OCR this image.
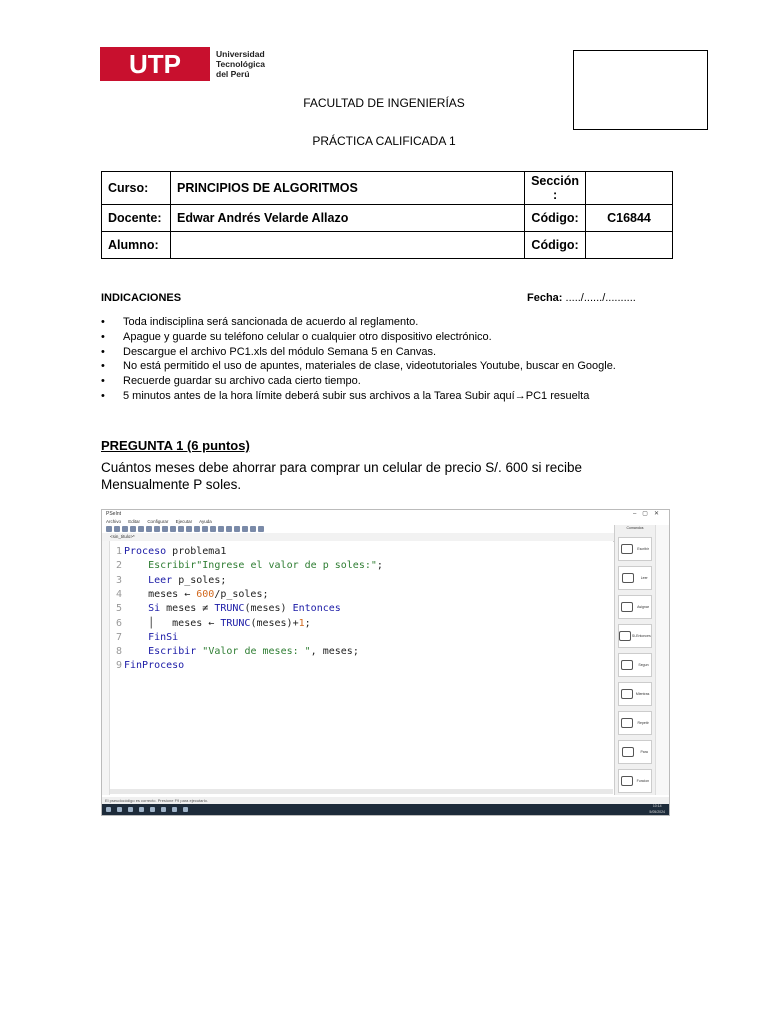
UTP	Universidad
Tecnológica
del Perú
FACULTAD DE INGENIERÍAS
PRÁCTICA CALIFICADA 1
Curso:	PRINCIPIOS DE ALGORITMOS	Sección :	
Docente:	Edwar Andrés Velarde Allazo	Código:	C16844
Alumno:		Código:	
INDICACIONES	Fecha: ...../....../..........
• Toda indisciplina será sancionada de acuerdo al reglamento.
• Apague y guarde su teléfono celular o cualquier otro dispositivo electrónico.
• Descargue el archivo PC1.xls del módulo Semana 5 en Canvas.
• No está permitido el uso de apuntes, materiales de clase, videotutoriales Youtube, buscar en Google.
• Recuerde guardar su archivo cada cierto tiempo.
• 5 minutos antes de la hora límite deberá subir sus archivos a la Tarea Subir aquí→PC1 resuelta
PREGUNTA 1 (6 puntos)
Cuántos meses debe ahorrar para comprar un celular de precio S/. 600 si recibe Mensualmente P soles.
PSeInt	–▢✕
Archivo Editar Configurar Ejecutar Ayuda
<sin_titulo>*
1 Proceso problema1
2	Escribir"Ingrese el valor de p soles:";
3	Leer p_soles;
4    meses ← 600/p_soles;
5	Si meses ≠ TRUNC(meses) Entonces
6    │   meses ← TRUNC(meses)+1;
7	FinSi
8	Escribir "Valor de meses: ", meses;
9 FinProceso
Comandos
Escribir
Leer
Asignar
Si-Entonces
Segun
Mientras
Repetir
Para
Funcion
El pseudocódigo es correcto. Presione F9 para ejecutarlo.
10:14
5/05/2024
